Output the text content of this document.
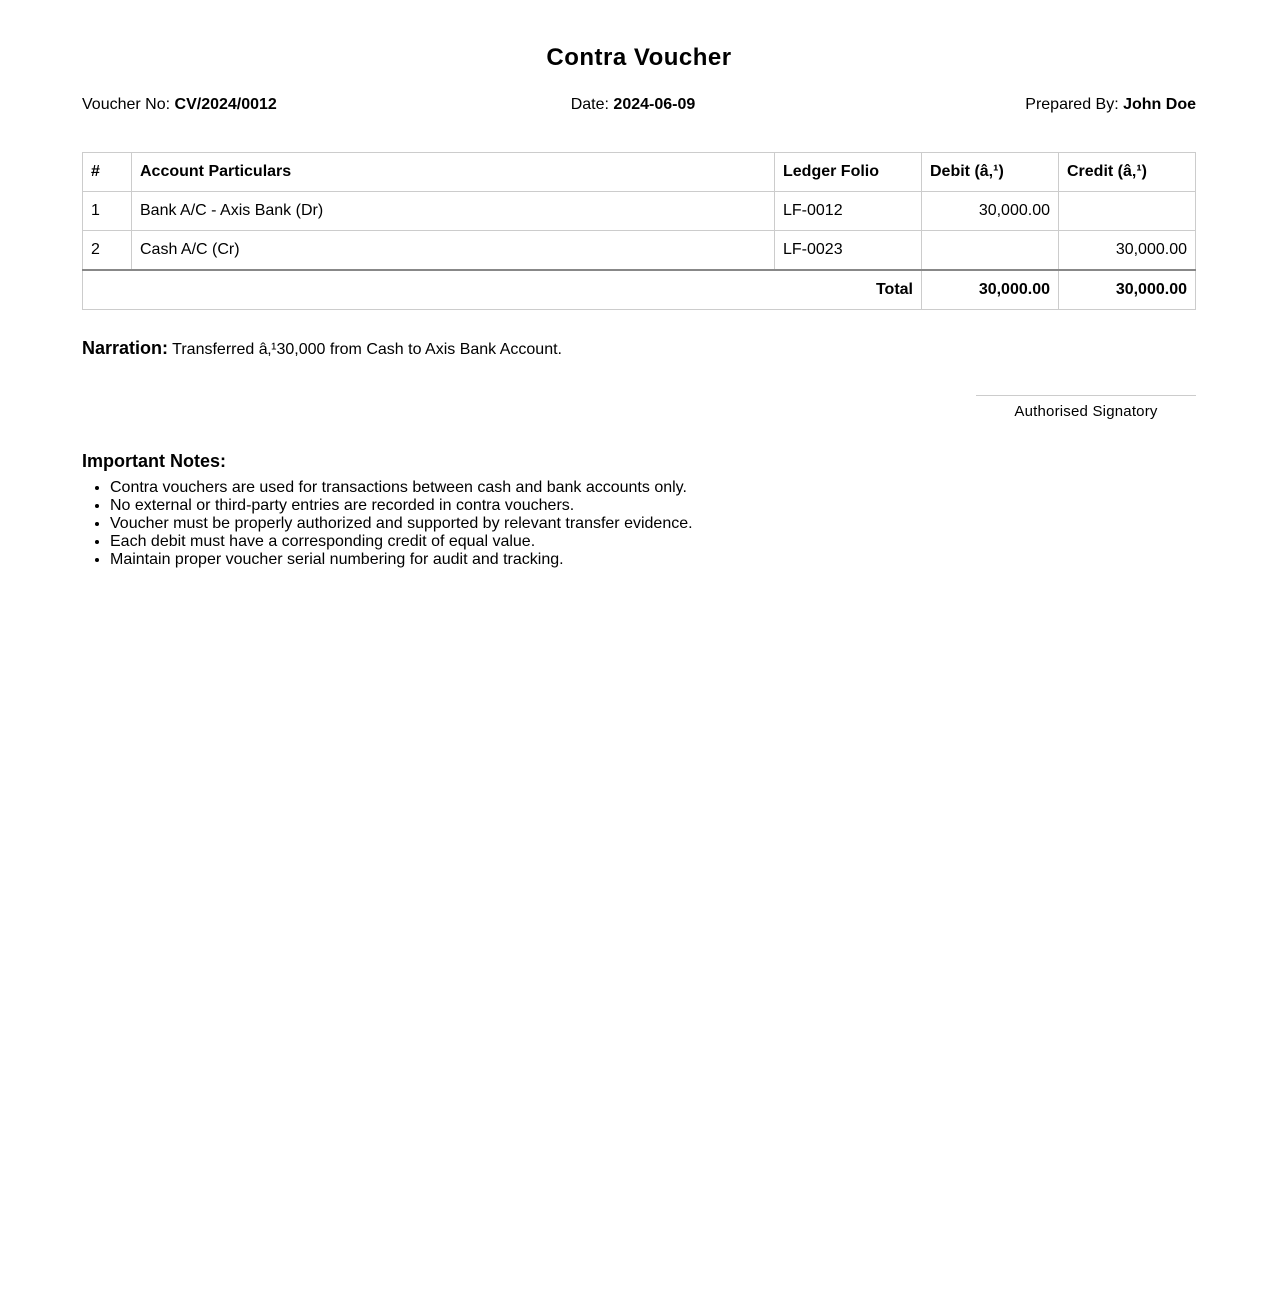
Contra Voucher
Voucher No: CV/2024/0012	Date: 2024-06-09	Prepared By: John Doe
#	Account Particulars	Ledger Folio	Debit (â‚¹)	Credit (â‚¹)
1	Bank A/C - Axis Bank (Dr)	LF-0012	30,000.00	
2	Cash A/C (Cr)	LF-0023		30,000.00
Total			30,000.00	30,000.00
Narration: Transferred â‚¹30,000 from Cash to Axis Bank Account.
Authorised Signatory
Important Notes:
• Contra vouchers are used for transactions between cash and bank accounts only.
• No external or third-party entries are recorded in contra vouchers.
• Voucher must be properly authorized and supported by relevant transfer evidence.
• Each debit must have a corresponding credit of equal value.
• Maintain proper voucher serial numbering for audit and tracking.
